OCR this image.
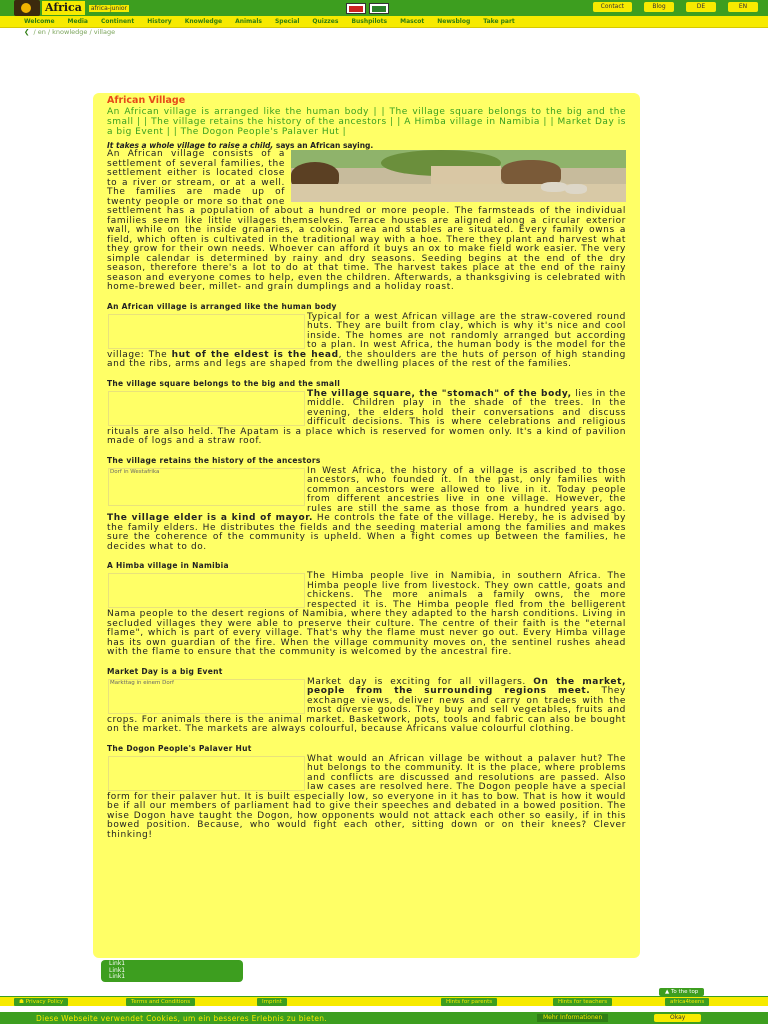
Africa	africa-junior	Contact	Blog	DE	EN
Welcome Media Continent History Knowledge Animals Special Quizzes Bushpilots Mascot Newsblog Take part
❮ / en / knowledge / village
African Village
An African village is arranged like the human body | | The village square belongs to the big and the small | | The village retains the history of the ancestors | | A Himba village in Namibia | | Market Day is a big Event | | The Dogon People's Palaver Hut |
It takes a whole village to raise a child, says an African saying.
An African village consists of a settlement of several families, the settlement either is located close to a river or stream, or at a well. The families are made up of twenty people or more so that one settlement has a population of about a hundred or more people. The farmsteads of the individual families seem like little villages themselves. Terrace houses are aligned along a circular exterior wall, while on the inside granaries, a cooking area and stables are situated. Every family owns a field, which often is cultivated in the traditional way with a hoe. There they plant and harvest what they grow for their own needs. Whoever can afford it buys an ox to make field work easier. The very simple calendar is determined by rainy and dry seasons. Seeding begins at the end of the dry season, therefore there's a lot to do at that time. The harvest takes place at the end of the rainy season and everyone comes to help, even the children. Afterwards, a thanksgiving is celebrated with home-brewed beer, millet- and grain dumplings and a holiday roast.
An African village is arranged like the human body
Typical for a west African village are the straw-covered round huts. They are built from clay, which is why it's nice and cool inside. The homes are not randomly arranged but according to a plan. In west Africa, the human body is the model for the village: The hut of the eldest is the head, the shoulders are the huts of person of high standing and the ribs, arms and legs are shaped from the dwelling places of the rest of the families.
The village square belongs to the big and the small
The village square, the "stomach" of the body, lies in the middle. Children play in the shade of the trees. In the evening, the elders hold their conversations and discuss difficult decisions. This is where celebrations and religious rituals are also held. The Apatam is a place which is reserved for women only. It's a kind of pavilion made of logs and a straw roof.
The village retains the history of the ancestors
Dorf in Westafrika	In West Africa, the history of a village is ascribed to those ancestors, who founded it. In the past, only families with common ancestors were allowed to live in it. Today people from different ancestries live in one village. However, the rules are still the same as those from a hundred years ago. The village elder is a kind of mayor. He controls the fate of the village. Hereby, he is advised by the family elders. He distributes the fields and the seeding material among the families and makes sure the coherence of the community is upheld. When a fight comes up between the families, he decides what to do.
A Himba village in Namibia
The Himba people live in Namibia, in southern Africa. The Himba people live from livestock. They own cattle, goats and chickens. The more animals a family owns, the more respected it is. The Himba people fled from the belligerent Nama people to the desert regions of Namibia, where they adapted to the harsh conditions. Living in secluded villages they were able to preserve their culture. The centre of their faith is the "eternal flame", which is part of every village. That's why the flame must never go out. Every Himba village has its own guardian of the fire. When the village community moves on, the sentinel rushes ahead with the flame to ensure that the community is welcomed by the ancestral fire.
Market Day is a big Event
Markttag in einem Dorf	Market day is exciting for all villagers. On the market, people from the surrounding regions meet. They exchange views, deliver news and carry on trades with the most diverse goods. They buy and sell vegetables, fruits and crops. For animals there is the animal market. Basketwork, pots, tools and fabric can also be bought on the market. The markets are always colourful, because Africans value colourful clothing.
The Dogon People's Palaver Hut
What would an African village be without a palaver hut? The hut belongs to the community. It is the place, where problems and conflicts are discussed and resolutions are passed. Also law cases are resolved here. The Dogon people have a special form for their palaver hut. It is built especially low, so everyone in it has to bow. That is how it would be if all our members of parliament had to give their speeches and debated in a bowed position. The wise Dogon have taught the Dogon, how opponents would not attack each other so easily, if in this bowed position. Because, who would fight each other, sitting down or on their knees? Clever thinking!
Link1
Link1
Link1
▲ To the top
☗ Privacy Policy	Terms and Conditions	Imprint	Hints for parents	Hints for teachers	africa4teens
Diese Webseite verwendet Cookies, um ein besseres Erlebnis zu bieten.	Mehr Informationen	Okay
